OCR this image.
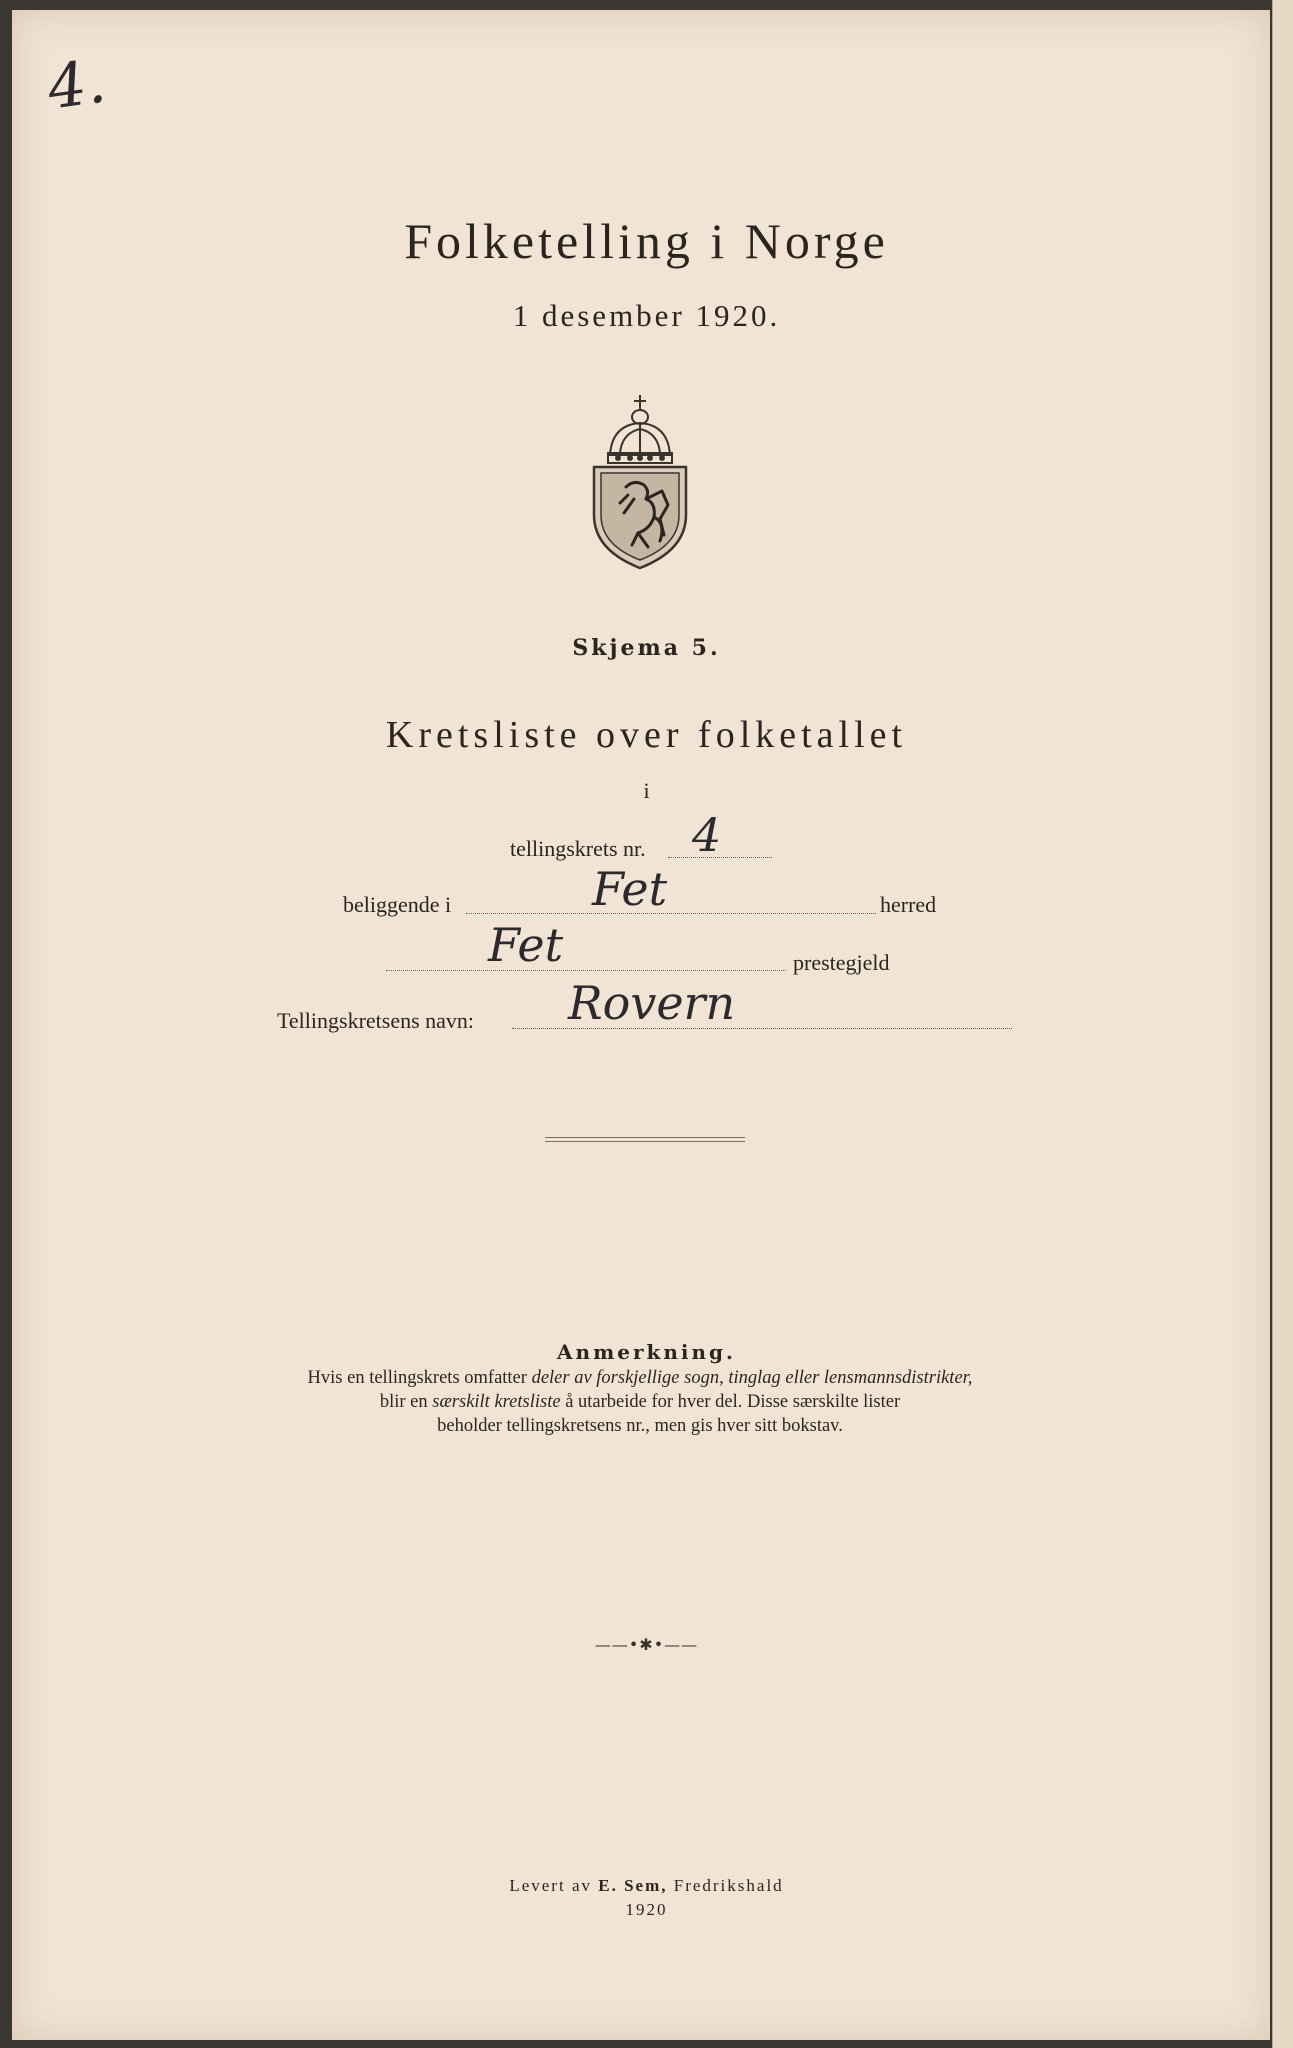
4.
Folketelling i Norge
1 desember 1920.
Skjema 5.
Kretsliste over folketallet
i
tellingskrets nr. 4
beliggende i	Fet	herred
Fet	prestegjeld
Tellingskretsens navn: Rovern
Anmerkning.
Hvis en tellingskrets omfatter deler av forskjellige sogn, tinglag eller lensmannsdistrikter,
blir en særskilt kretsliste å utarbeide for hver del. Disse særskilte lister
beholder tellingskretsens nr., men gis hver sitt bokstav.
——•✱•——
Levert av E. Sem, Fredrikshald
1920
